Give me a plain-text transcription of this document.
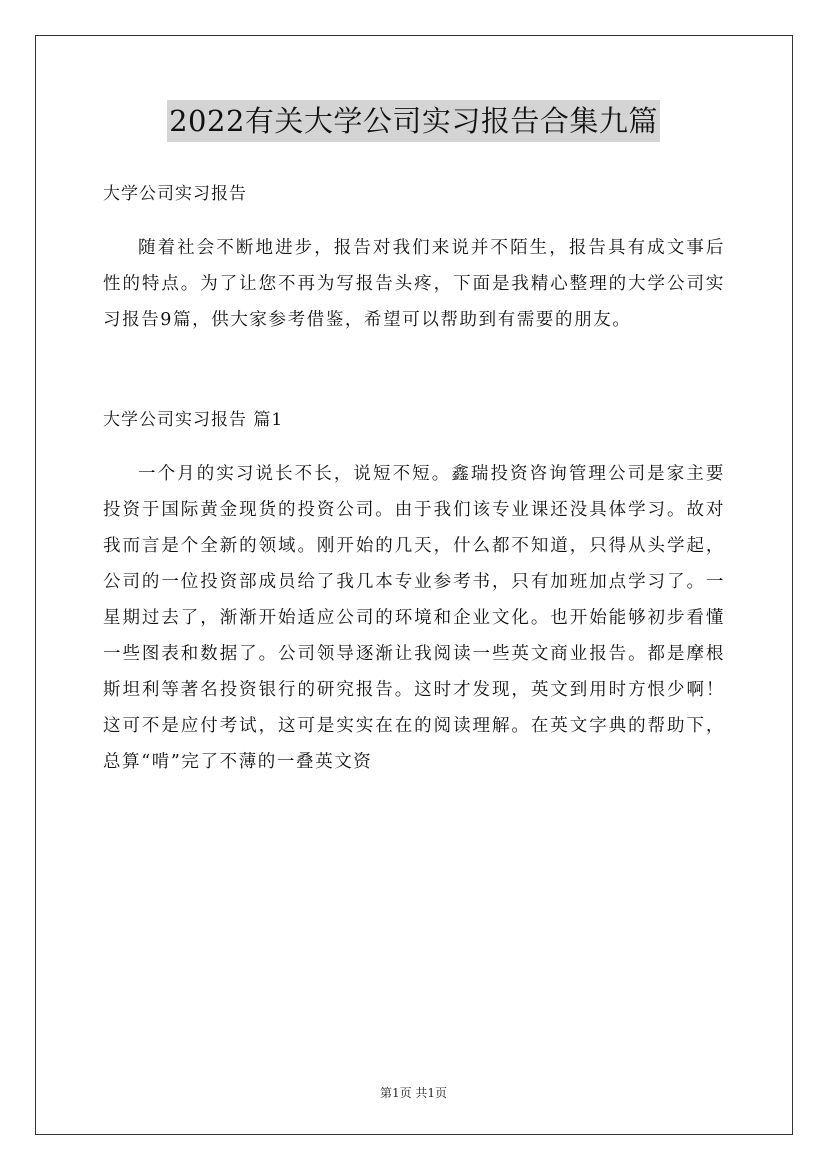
2022有关大学公司实习报告合集九篇

大学公司实习报告

随着社会不断地进步，报告对我们来说并不陌生，报告具有成文事后性的特点。为了让您不再为写报告头疼，下面是我精心整理的大学公司实习报告9篇，供大家参考借鉴，希望可以帮助到有需要的朋友。

大学公司实习报告 篇1

一个月的实习说长不长，说短不短。鑫瑞投资咨询管理公司是家主要投资于国际黄金现货的投资公司。由于我们该专业课还没具体学习。故对我而言是个全新的领域。刚开始的几天，什么都不知道，只得从头学起，公司的一位投资部成员给了我几本专业参考书，只有加班加点学习了。一星期过去了，渐渐开始适应公司的环境和企业文化。也开始能够初步看懂一些图表和数据了。公司领导逐渐让我阅读一些英文商业报告。都是摩根斯坦利等著名投资银行的研究报告。这时才发现，英文到用时方恨少啊！这可不是应付考试，这可是实实在在的阅读理解。在英文字典的帮助下，总算“啃”完了不薄的一叠英文资

第1页 共1页
